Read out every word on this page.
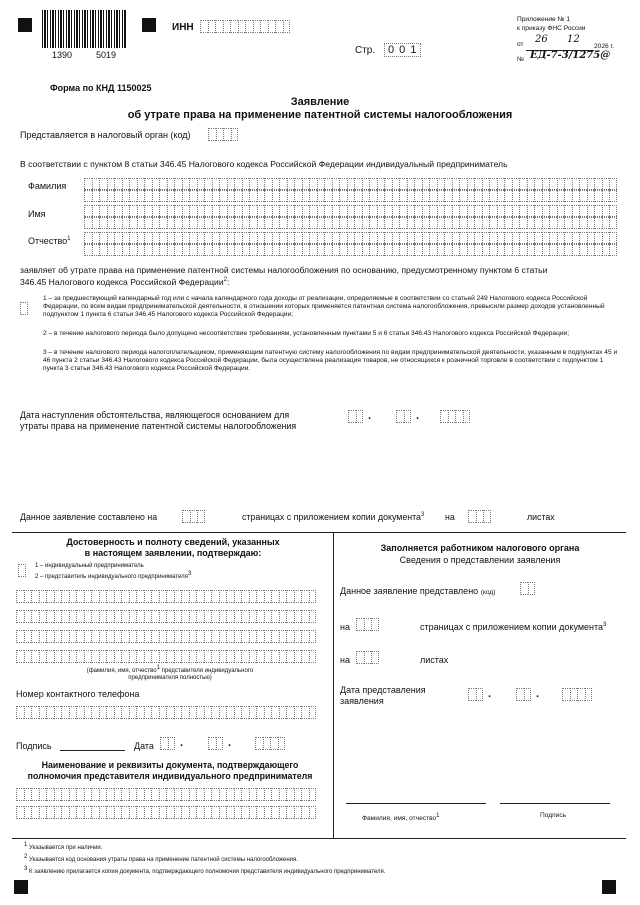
1390	5019
ИНН
Стр.	0 0 1
Приложение № 1
к приказу ФНС России
от 26 12
2026 г.
№ ЕД-7-3/1275@
Форма по КНД 1150025
Заявление
об утрате права на применение патентной системы налогообложения
Представляется в налоговый орган (код)
В соответствии с пунктом 8 статьи 346.45 Налогового кодекса Российской Федерации индивидуальный предприниматель
Фамилия
Имя
Отчество$^1$
заявляет об утрате права на применение патентной системы налогообложения по основанию, предусмотренному пунктом 6 статьи
346.45 Налогового кодекса Российской Федерации$^2$:
1 – за предшествующий календарный год или с начала календарного года доходы от реализации, определяемые в соответствии со статьей 249 Налогового кодекса Российской Федерации, по всем видам предпринимательской деятельности, в отношении которых применяется патентная система налогообложения, превысили размер доходов установленный подпунктом 1 пункта 6 статьи 346.45 Налогового кодекса Российской Федерации;
2 – в течение налогового периода было допущено несоответствие требованиям, установленным пунктами 5 и 6 статьи 346.43 Налогового кодекса Российской Федерации;
3 – в течение налогового периода налогоплательщиком, применяющим патентную систему налогообложения по видам предпринимательской деятельности, указанным в подпунктах 45 и 46 пункта 2 статьи 346.43 Налогового кодекса Российской Федерации, была осуществлена реализация товаров, не относящихся к розничной торговле в соответствии с подпунктом 1 пункта 3 статьи 346.43 Налогового кодекса Российской Федерации.
Дата наступления обстоятельства, являющегося основанием для
утраты права на применение патентной системы налогообложения
.	.
Данное заявление составлено на	страницах с приложением копии документа$^3$ на	листах
Достоверность и полноту сведений, указанных
в настоящем заявлении, подтверждаю:
1 – индивидуальный предприниматель
2 – представитель индивидуального предпринимателя$^3$
(фамилия, имя, отчество$^1$ представителя индивидуального
предпринимателя полностью)
Номер контактного телефона
Подпись	Дата .	.
Наименование и реквизиты документа, подтверждающего
полномочия представителя индивидуального предпринимателя
Заполняется работником налогового органа
Сведения о представлении заявления
Данное заявление представлено (код)
на	страницах с приложением копии документа$^3$
на	листах
Дата представления
заявления
.	.
Фамилия, имя, отчество$^1$	Подпись
$^1$ Указывается при наличии.
$^2$ Указывается код основания утраты права на применение патентной системы налогообложения.
$^3$ К заявлению прилагается копия документа, подтверждающего полномочия представителя индивидуального предпринимателя.
